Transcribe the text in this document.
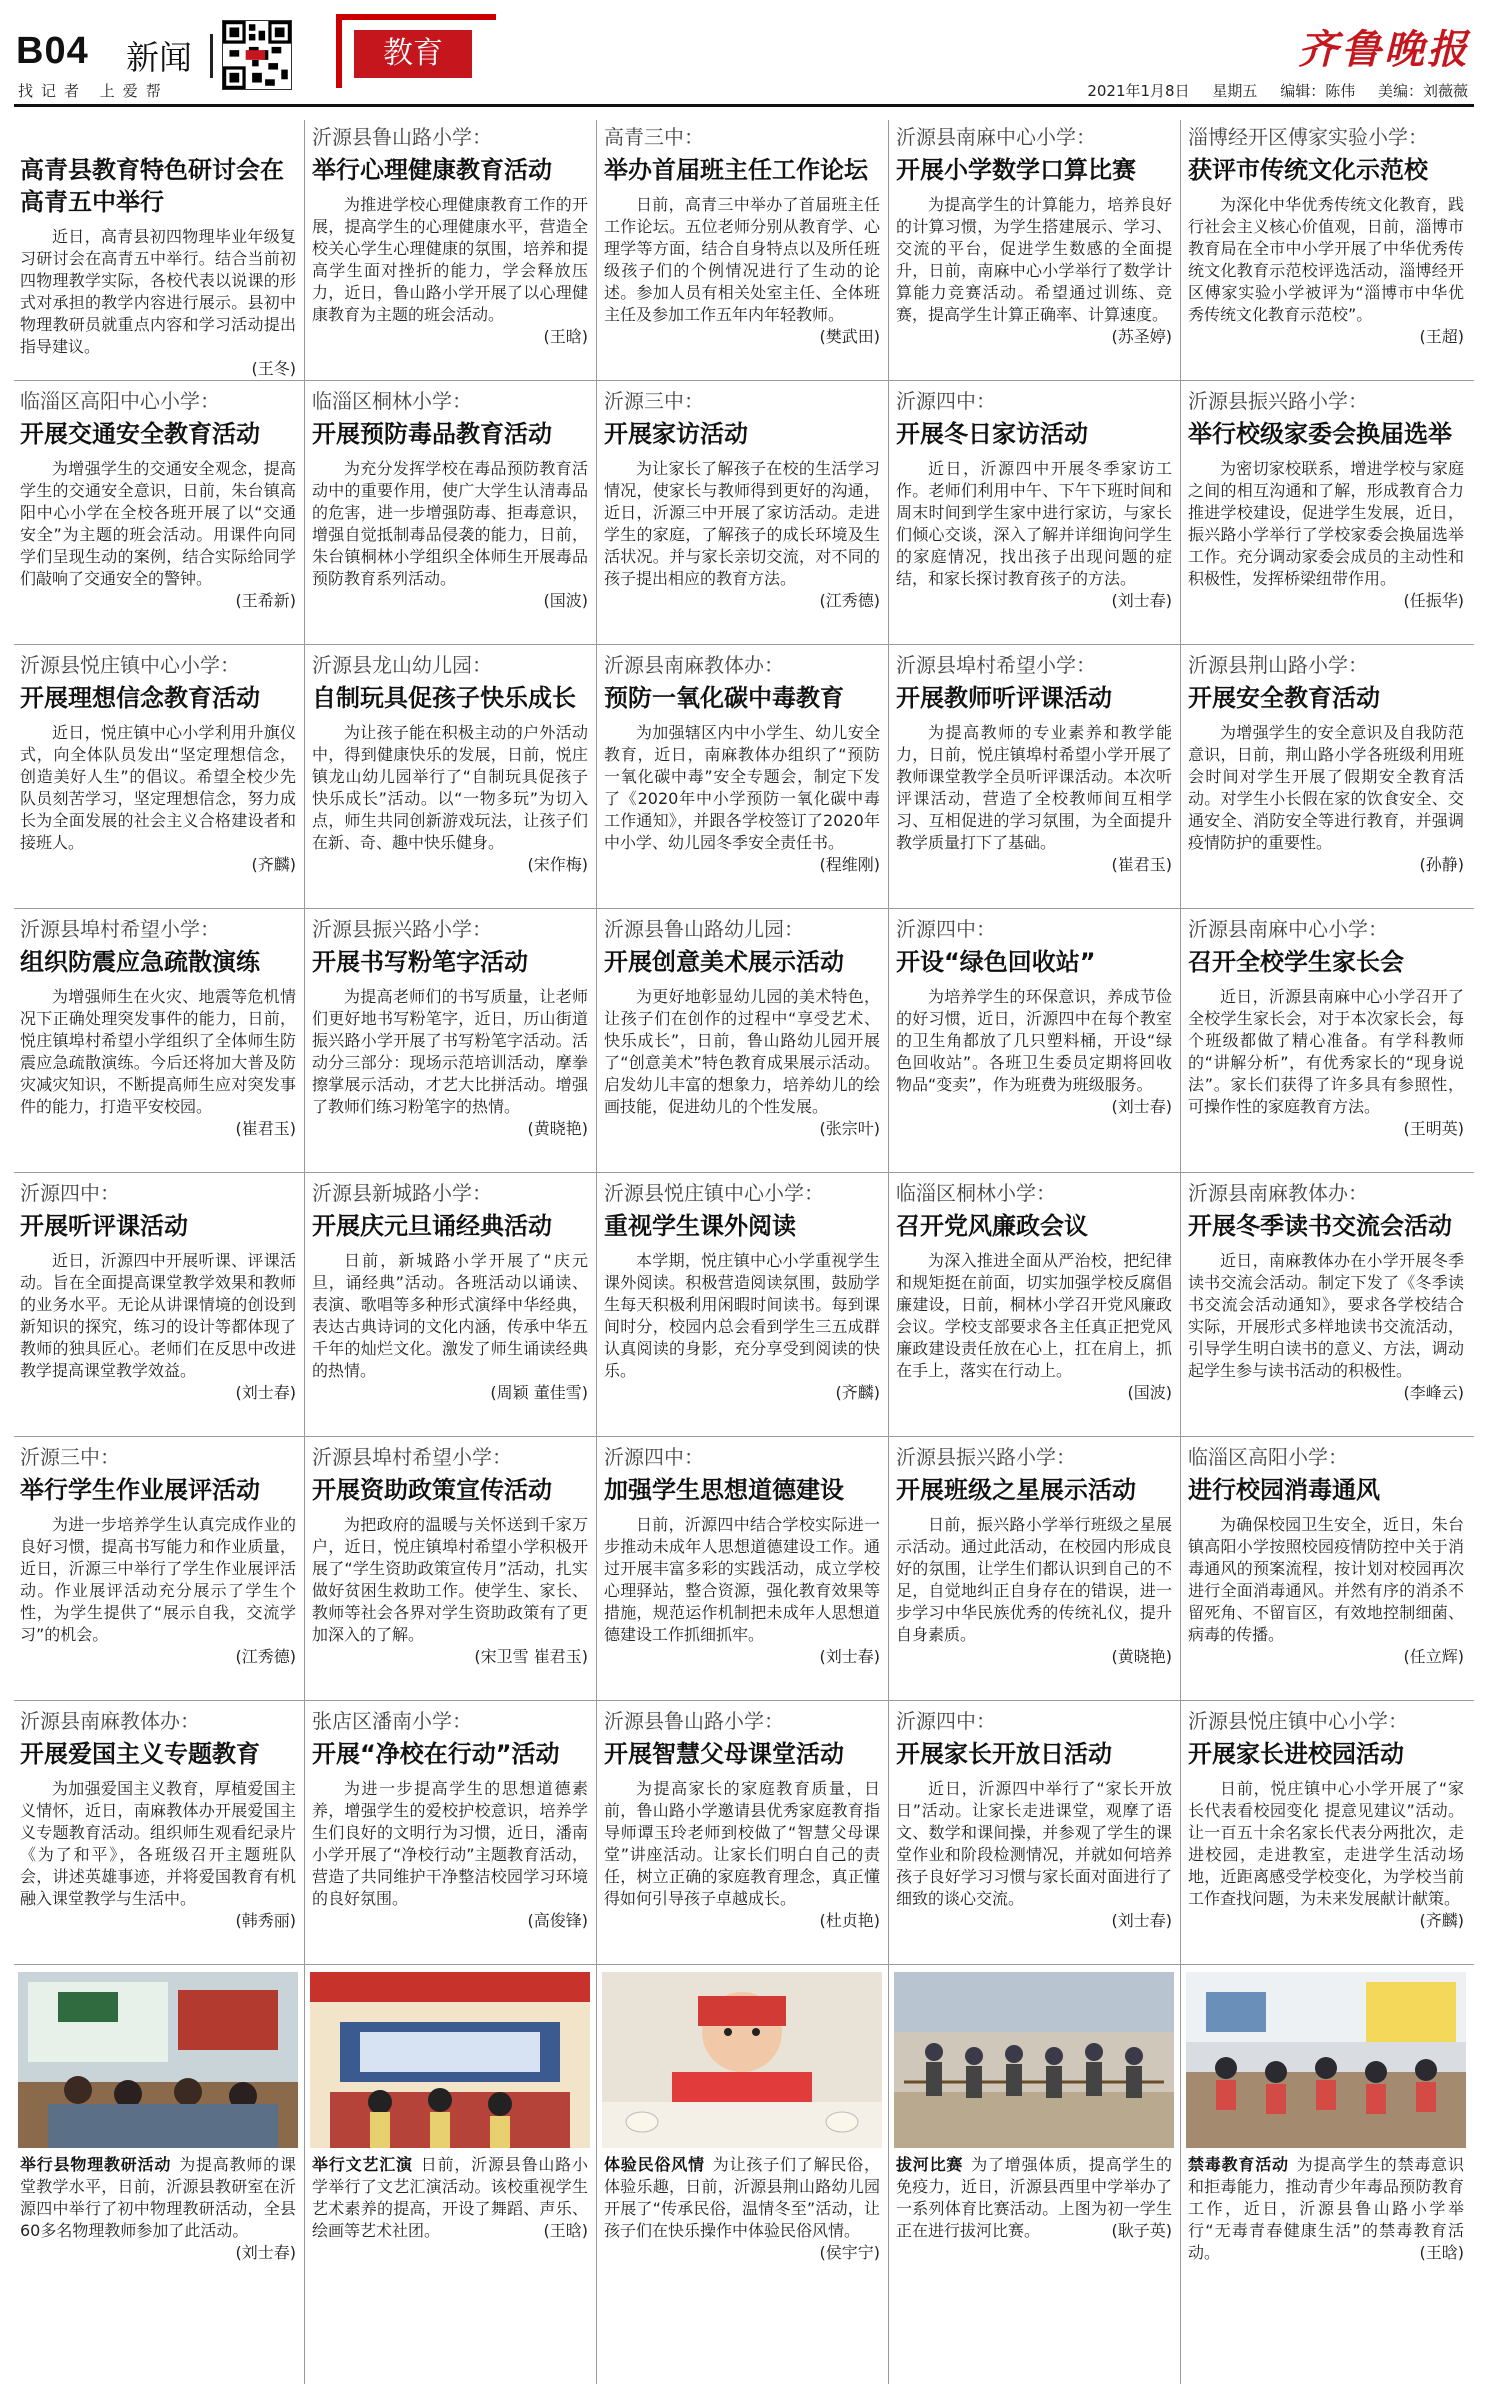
B04 新闻	教育	齐鲁晚报
找记者 上爱帮	2021年1月8日 星期五 编辑：陈伟 美编：刘薇薇
高青县教育特色研讨会在高青五中举行
近日，高青县初四物理毕业年级复习研讨会在高青五中举行。结合当前初四物理教学实际，各校代表以说课的形式对承担的教学内容进行展示。县初中物理教研员就重点内容和学习活动提出指导建议。
(王冬)
临淄区高阳中心小学：
开展交通安全教育活动
为增强学生的交通安全观念，提高学生的交通安全意识，日前，朱台镇高阳中心小学在全校各班开展了以“交通安全”为主题的班会活动。用课件向同学们呈现生动的案例，结合实际给同学们敲响了交通安全的警钟。
(王希新)
沂源县悦庄镇中心小学：
开展理想信念教育活动
近日，悦庄镇中心小学利用升旗仪式，向全体队员发出“坚定理想信念，创造美好人生”的倡议。希望全校少先队员刻苦学习，坚定理想信念，努力成长为全面发展的社会主义合格建设者和接班人。
(齐麟)
沂源县埠村希望小学：
组织防震应急疏散演练
为增强师生在火灾、地震等危机情况下正确处理突发事件的能力，日前，悦庄镇埠村希望小学组织了全体师生防震应急疏散演练。今后还将加大普及防灾减灾知识，不断提高师生应对突发事件的能力，打造平安校园。
(崔君玉)
沂源四中：
开展听评课活动
近日，沂源四中开展听课、评课活动。旨在全面提高课堂教学效果和教师的业务水平。无论从讲课情境的创设到新知识的探究，练习的设计等都体现了教师的独具匠心。老师们在反思中改进教学提高课堂教学效益。
(刘士春)
沂源三中：
举行学生作业展评活动
为进一步培养学生认真完成作业的良好习惯，提高书写能力和作业质量，近日，沂源三中举行了学生作业展评活动。作业展评活动充分展示了学生个性，为学生提供了“展示自我，交流学习”的机会。
(江秀德)
沂源县南麻教体办：
开展爱国主义专题教育
为加强爱国主义教育，厚植爱国主义情怀，近日，南麻教体办开展爱国主义专题教育活动。组织师生观看纪录片《为了和平》，各班级召开主题班队会，讲述英雄事迹，并将爱国教育有机融入课堂教学与生活中。
(韩秀丽)
举行县物理教研活动 为提高教师的课堂教学水平，日前，沂源县教研室在沂源四中举行了初中物理教研活动，全县60多名物理教师参加了此活动。
(刘士春)
沂源县鲁山路小学：
举行心理健康教育活动
为推进学校心理健康教育工作的开展，提高学生的心理健康水平，营造全校关心学生心理健康的氛围，培养和提高学生面对挫折的能力，学会释放压力，近日，鲁山路小学开展了以心理健康教育为主题的班会活动。
(王晗)
临淄区桐林小学：
开展预防毒品教育活动
为充分发挥学校在毒品预防教育活动中的重要作用，使广大学生认清毒品的危害，进一步增强防毒、拒毒意识，增强自觉抵制毒品侵袭的能力，日前，朱台镇桐林小学组织全体师生开展毒品预防教育系列活动。
(国波)
沂源县龙山幼儿园：
自制玩具促孩子快乐成长
为让孩子能在积极主动的户外活动中，得到健康快乐的发展，日前，悦庄镇龙山幼儿园举行了“自制玩具促孩子快乐成长”活动。以“一物多玩”为切入点，师生共同创新游戏玩法，让孩子们在新、奇、趣中快乐健身。
(宋作梅)
沂源县振兴路小学：
开展书写粉笔字活动
为提高老师们的书写质量，让老师们更好地书写粉笔字，近日，历山街道振兴路小学开展了书写粉笔字活动。活动分三部分：现场示范培训活动，摩拳擦掌展示活动，才艺大比拼活动。增强了教师们练习粉笔字的热情。
(黄晓艳)
沂源县新城路小学：
开展庆元旦诵经典活动
日前，新城路小学开展了“庆元旦，诵经典”活动。各班活动以诵读、表演、歌唱等多种形式演绎中华经典，表达古典诗词的文化内涵，传承中华五千年的灿烂文化。激发了师生诵读经典的热情。
(周颖 董佳雪)
沂源县埠村希望小学：
开展资助政策宣传活动
为把政府的温暖与关怀送到千家万户，近日，悦庄镇埠村希望小学积极开展了“学生资助政策宣传月”活动，扎实做好贫困生救助工作。使学生、家长、教师等社会各界对学生资助政策有了更加深入的了解。
(宋卫雪 崔君玉)
张店区潘南小学：
开展“净校在行动”活动
为进一步提高学生的思想道德素养，增强学生的爱校护校意识，培养学生们良好的文明行为习惯，近日，潘南小学开展了“净校行动”主题教育活动，营造了共同维护干净整洁校园学习环境的良好氛围。
(高俊锋)
举行文艺汇演 日前，沂源县鲁山路小学举行了文艺汇演活动。该校重视学生艺术素养的提高，开设了舞蹈、声乐、绘画等艺术社团。	(王晗)
高青三中：
举办首届班主任工作论坛
日前，高青三中举办了首届班主任工作论坛。五位老师分别从教育学、心理学等方面，结合自身特点以及所任班级孩子们的个例情况进行了生动的论述。参加人员有相关处室主任、全体班主任及参加工作五年内年轻教师。
(樊武田)
沂源三中：
开展家访活动
为让家长了解孩子在校的生活学习情况，使家长与教师得到更好的沟通，近日，沂源三中开展了家访活动。走进学生的家庭，了解孩子的成长环境及生活状况。并与家长亲切交流，对不同的孩子提出相应的教育方法。
(江秀德)
沂源县南麻教体办：
预防一氧化碳中毒教育
为加强辖区内中小学生、幼儿安全教育，近日，南麻教体办组织了“预防一氧化碳中毒”安全专题会，制定下发了《2020年中小学预防一氧化碳中毒工作通知》，并跟各学校签订了2020年中小学、幼儿园冬季安全责任书。
(程维刚)
沂源县鲁山路幼儿园：
开展创意美术展示活动
为更好地彰显幼儿园的美术特色，让孩子们在创作的过程中“享受艺术、快乐成长”，日前，鲁山路幼儿园开展了“创意美术”特色教育成果展示活动。启发幼儿丰富的想象力，培养幼儿的绘画技能，促进幼儿的个性发展。
(张宗叶)
沂源县悦庄镇中心小学：
重视学生课外阅读
本学期，悦庄镇中心小学重视学生课外阅读。积极营造阅读氛围，鼓励学生每天积极利用闲暇时间读书。每到课间时分，校园内总会看到学生三五成群认真阅读的身影，充分享受到阅读的快乐。
(齐麟)
沂源四中：
加强学生思想道德建设
日前，沂源四中结合学校实际进一步推动未成年人思想道德建设工作。通过开展丰富多彩的实践活动，成立学校心理驿站，整合资源，强化教育效果等措施，规范运作机制把未成年人思想道德建设工作抓细抓牢。
(刘士春)
沂源县鲁山路小学：
开展智慧父母课堂活动
为提高家长的家庭教育质量，日前，鲁山路小学邀请县优秀家庭教育指导师谭玉玲老师到校做了“智慧父母课堂”讲座活动。让家长们明白自己的责任，树立正确的家庭教育理念，真正懂得如何引导孩子卓越成长。
(杜贞艳)
体验民俗风情 为让孩子们了解民俗，体验乐趣，日前，沂源县荆山路幼儿园开展了“传承民俗，温情冬至”活动，让孩子们在快乐操作中体验民俗风情。
(侯宇宁)
沂源县南麻中心小学：
开展小学数学口算比赛
为提高学生的计算能力，培养良好的计算习惯，为学生搭建展示、学习、交流的平台，促进学生数感的全面提升，日前，南麻中心小学举行了数学计算能力竞赛活动。希望通过训练、竞赛，提高学生计算正确率、计算速度。
(苏圣婷)
沂源四中：
开展冬日家访活动
近日，沂源四中开展冬季家访工作。老师们利用中午、下午下班时间和周末时间到学生家中进行家访，与家长们倾心交谈，深入了解并详细询问学生的家庭情况，找出孩子出现问题的症结，和家长探讨教育孩子的方法。
(刘士春)
沂源县埠村希望小学：
开展教师听评课活动
为提高教师的专业素养和教学能力，日前，悦庄镇埠村希望小学开展了教师课堂教学全员听评课活动。本次听评课活动，营造了全校教师间互相学习、互相促进的学习氛围，为全面提升教学质量打下了基础。
(崔君玉)
沂源四中：
开设“绿色回收站”
为培养学生的环保意识，养成节俭的好习惯，近日，沂源四中在每个教室的卫生角都放了几只塑料桶，开设“绿色回收站”。各班卫生委员定期将回收物品“变卖”，作为班费为班级服务。
(刘士春)
临淄区桐林小学：
召开党风廉政会议
为深入推进全面从严治校，把纪律和规矩挺在前面，切实加强学校反腐倡廉建设，日前，桐林小学召开党风廉政会议。学校支部要求各主任真正把党风廉政建设责任放在心上，扛在肩上，抓在手上，落实在行动上。
(国波)
沂源县振兴路小学：
开展班级之星展示活动
日前，振兴路小学举行班级之星展示活动。通过此活动，在校园内形成良好的氛围，让学生们都认识到自己的不足，自觉地纠正自身存在的错误，进一步学习中华民族优秀的传统礼仪，提升自身素质。
(黄晓艳)
沂源四中：
开展家长开放日活动
近日，沂源四中举行了“家长开放日”活动。让家长走进课堂，观摩了语文、数学和课间操，并参观了学生的课堂作业和阶段检测情况，并就如何培养孩子良好学习习惯与家长面对面进行了细致的谈心交流。
(刘士春)
拔河比赛 为了增强体质，提高学生的免疫力，近日，沂源县西里中学举办了一系列体育比赛活动。上图为初一学生正在进行拔河比赛。	(耿子英)
淄博经开区傅家实验小学：
获评市传统文化示范校
为深化中华优秀传统文化教育，践行社会主义核心价值观，日前，淄博市教育局在全市中小学开展了中华优秀传统文化教育示范校评选活动，淄博经开区傅家实验小学被评为“淄博市中华优秀传统文化教育示范校”。
(王超)
沂源县振兴路小学：
举行校级家委会换届选举
为密切家校联系，增进学校与家庭之间的相互沟通和了解，形成教育合力推进学校建设，促进学生发展，近日，振兴路小学举行了学校家委会换届选举工作。充分调动家委会成员的主动性和积极性，发挥桥梁纽带作用。
(任振华)
沂源县荆山路小学：
开展安全教育活动
为增强学生的安全意识及自我防范意识，日前，荆山路小学各班级利用班会时间对学生开展了假期安全教育活动。对学生小长假在家的饮食安全、交通安全、消防安全等进行教育，并强调疫情防护的重要性。
(孙静)
沂源县南麻中心小学：
召开全校学生家长会
近日，沂源县南麻中心小学召开了全校学生家长会，对于本次家长会，每个班级都做了精心准备。有学科教师的“讲解分析”，有优秀家长的“现身说法”。家长们获得了许多具有参照性，可操作性的家庭教育方法。
(王明英)
沂源县南麻教体办：
开展冬季读书交流会活动
近日，南麻教体办在小学开展冬季读书交流会活动。制定下发了《冬季读书交流会活动通知》，要求各学校结合实际，开展形式多样地读书交流活动，引导学生明白读书的意义、方法，调动起学生参与读书活动的积极性。
(李峰云)
临淄区高阳小学：
进行校园消毒通风
为确保校园卫生安全，近日，朱台镇高阳小学按照校园疫情防控中关于消毒通风的预案流程，按计划对校园再次进行全面消毒通风。并然有序的消杀不留死角、不留盲区，有效地控制细菌、病毒的传播。
(任立辉)
沂源县悦庄镇中心小学：
开展家长进校园活动
日前，悦庄镇中心小学开展了“家长代表看校园变化 提意见建议”活动。让一百五十余名家长代表分两批次，走进校园，走进教室，走进学生活动场地，近距离感受学校变化，为学校当前工作查找问题，为未来发展献计献策。
(齐麟)
禁毒教育活动 为提高学生的禁毒意识和拒毒能力，推动青少年毒品预防教育工作，近日，沂源县鲁山路小学举行“无毒青春健康生活”的禁毒教育活动。	(王晗)
